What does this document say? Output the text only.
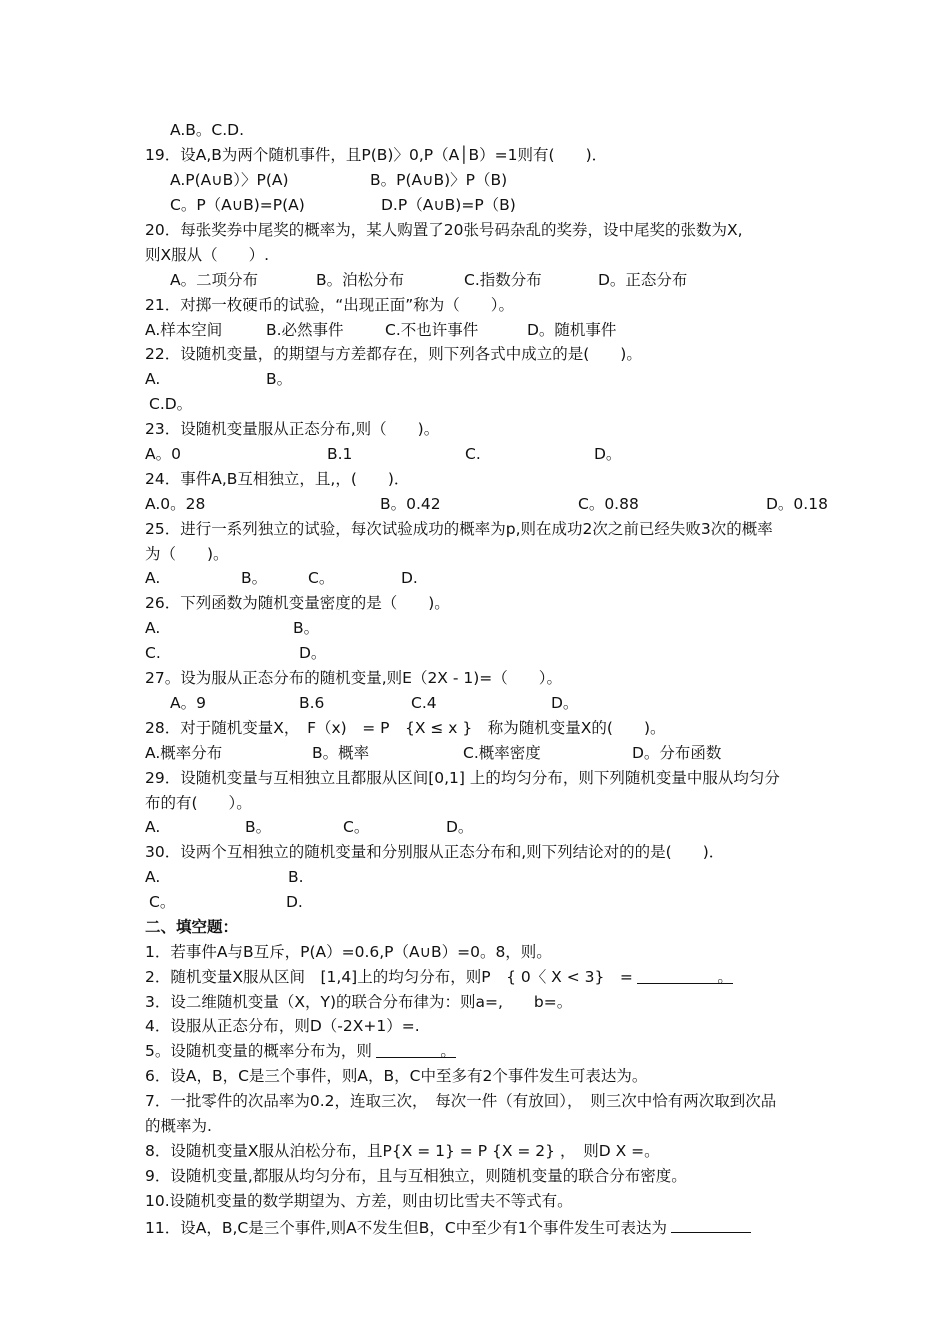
A.B。C.D.
19．设A,B为两个随机事件，且P(B)〉0,P（A│B）=1则有(　　)．
A.P(A∪B）〉P(A)	B。P(A∪B)〉P（B)
C。P（A∪B)=P(A)	D.P（A∪B)=P（B)
20．每张奖券中尾奖的概率为，某人购置了20张号码杂乱的奖券，设中尾奖的张数为X,
则X服从（　　）.
A。二项分布	B。泊松分布	C.指数分布	D。正态分布
21．对掷一枚硬币的试验，“出现正面”称为（　　）。
A.样本空间	B.必然事件	C.不也许事件	D。随机事件
22．设随机变量，的期望与方差都存在，则下列各式中成立的是(　　)。
A.	B。
C.D。
23．设随机变量服从正态分布,则（　　)。
A。0	B.1	C.	D。
24．事件A,B互相独立，且,，(　　)．
A.0。28	B。0.42	C。0.88	D。0.18
25．进行一系列独立的试验，每次试验成功的概率为p,则在成功2次之前已经失败3次的概率
为（　　)。
A.	B。	C。	D.
26．下列函数为随机变量密度的是（　　)。
A.	B。
C.	D。
27。设为服从正态分布的随机变量,则E（2X - 1)=（　　）。
A。9	B.6	C.4	D。
28．对于随机变量X，　F（x)　= P　{X ≤ x }　称为随机变量X的(　　)。
A.概率分布	B。概率	C.概率密度	D。分布函数
29．设随机变量与互相独立且都服从区间[0,1] 上的均匀分布，则下列随机变量中服从均匀分
布的有(　　）。
A.	B。	C。	D。
30．设两个互相独立的随机变量和分别服从正态分布和,则下列结论对的的是(　　)．
A.	B.
C。	D.
二、填空题：
1．若事件A与B互斥，P(A）=0.6,P（A∪B）=0。8，则。
2．随机变量X服从区间　[1,4]上的均匀分布，则P　{ 0〈 X < 3}　=	。
3．设二维随机变量（X，Y)的联合分布律为：则a=,　　b=。
4．设服从正态分布，则D（-2X+1）=.
5。设随机变量的概率分布为，则	。
6．设A，B，C是三个事件，则A，B，C中至多有2个事件发生可表达为。
7．一批零件的次品率为0.2，连取三次，　每次一件（有放回），　则三次中恰有两次取到次品
的概率为.
8．设随机变量X服从泊松分布，且P{X = 1} = P {X = 2} ，　则D X =。
9．设随机变量,都服从均匀分布，且与互相独立，则随机变量的联合分布密度。
10.设随机变量的数学期望为、方差，则由切比雪夫不等式有。
11．设A，B,C是三个事件,则A不发生但B，C中至少有1个事件发生可表达为
